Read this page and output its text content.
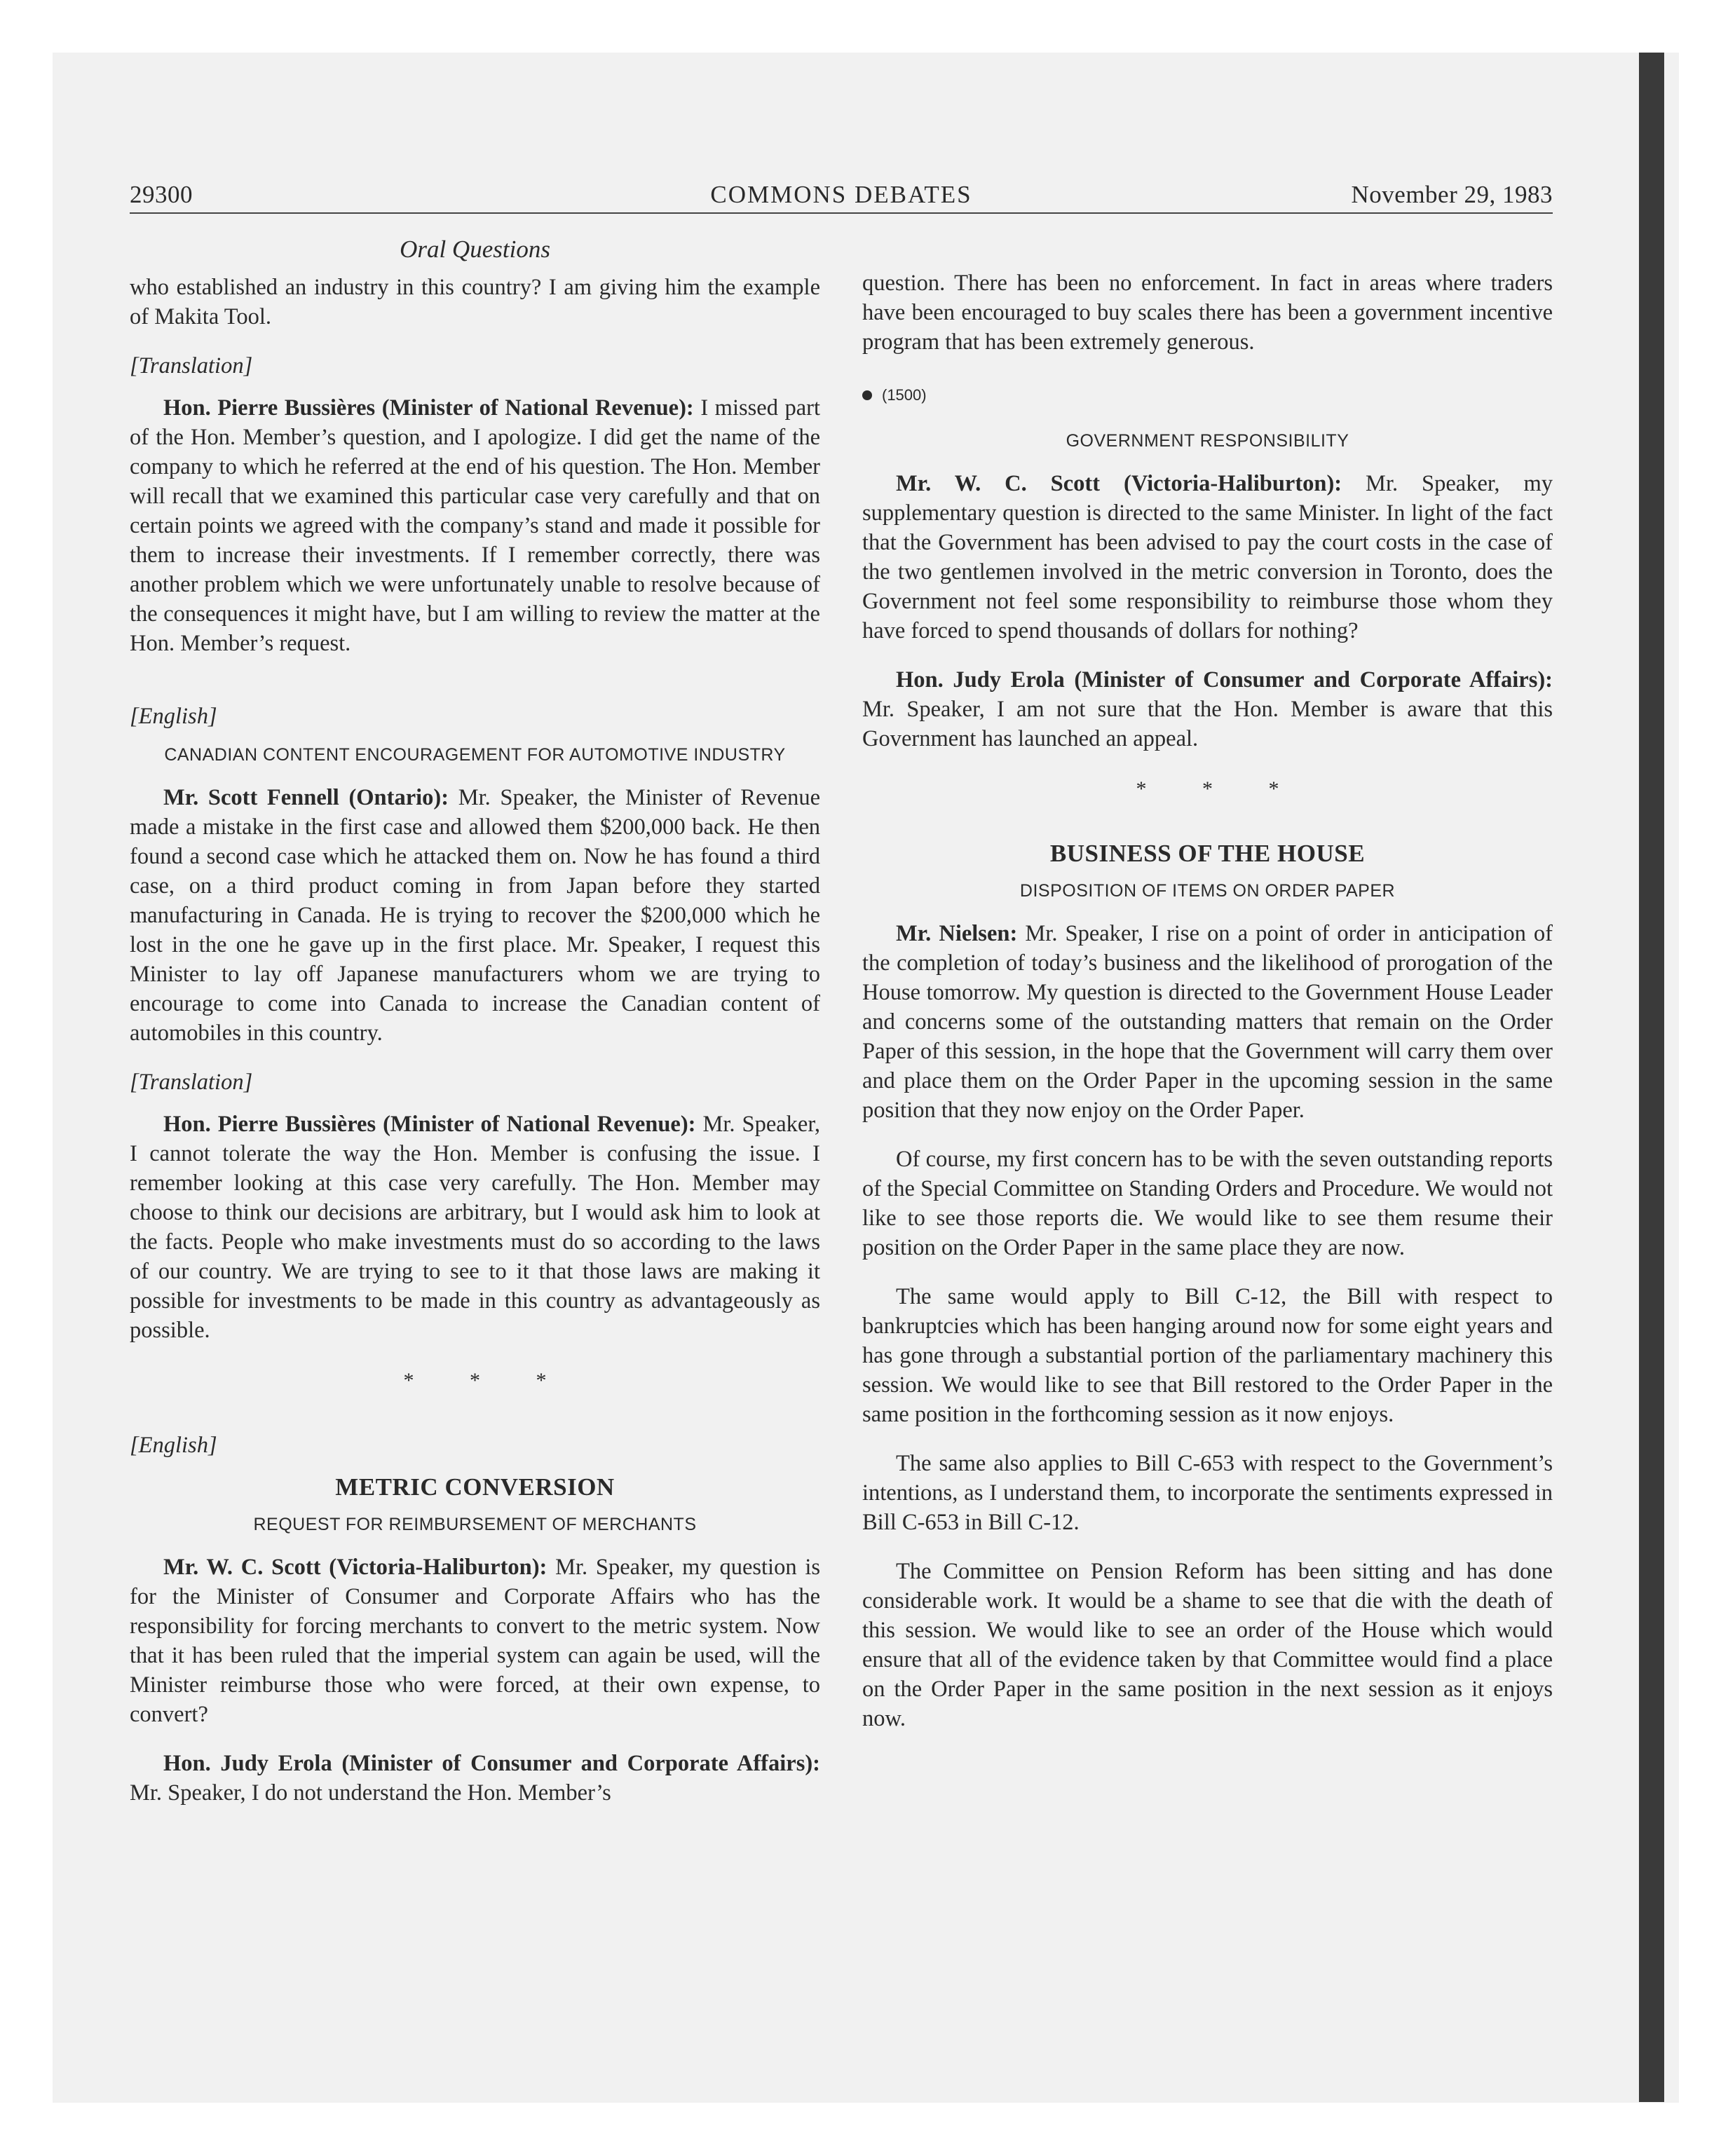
29300	COMMONS DEBATES	November 29, 1983
Oral Questions

who established an industry in this country? I am giving him the example of Makita Tool.

[Translation]

Hon. Pierre Bussières (Minister of National Revenue): I missed part of the Hon. Member’s question, and I apologize. I did get the name of the company to which he referred at the end of his question. The Hon. Member will recall that we examined this particular case very carefully and that on certain points we agreed with the company’s stand and made it possible for them to increase their investments. If I remember correctly, there was another problem which we were unfortunately unable to resolve because of the consequences it might have, but I am willing to review the matter at the Hon. Member’s request.

[English]
CANADIAN CONTENT ENCOURAGEMENT FOR AUTOMOTIVE INDUSTRY

Mr. Scott Fennell (Ontario): Mr. Speaker, the Minister of Revenue made a mistake in the first case and allowed them $200,000 back. He then found a second case which he attacked them on. Now he has found a third case, on a third product coming in from Japan before they started manufacturing in Canada. He is trying to recover the $200,000 which he lost in the one he gave up in the first place. Mr. Speaker, I request this Minister to lay off Japanese manufacturers whom we are trying to encourage to come into Canada to increase the Canadian content of automobiles in this country.

[Translation]

Hon. Pierre Bussières (Minister of National Revenue): Mr. Speaker, I cannot tolerate the way the Hon. Member is confusing the issue. I remember looking at this case very carefully. The Hon. Member may choose to think our decisions are arbitrary, but I would ask him to look at the facts. People who make investments must do so according to the laws of our country. We are trying to see to it that those laws are making it possible for investments to be made in this country as advantageously as possible.

* * *
[English]
METRIC CONVERSION
REQUEST FOR REIMBURSEMENT OF MERCHANTS

Mr. W. C. Scott (Victoria-Haliburton): Mr. Speaker, my question is for the Minister of Consumer and Corporate Affairs who has the responsibility for forcing merchants to convert to the metric system. Now that it has been ruled that the imperial system can again be used, will the Minister reimburse those who were forced, at their own expense, to convert?

Hon. Judy Erola (Minister of Consumer and Corporate Affairs): Mr. Speaker, I do not understand the Hon. Member’s

question. There has been no enforcement. In fact in areas where traders have been encouraged to buy scales there has been a government incentive program that has been extremely generous.

(1500)
GOVERNMENT RESPONSIBILITY

Mr. W. C. Scott (Victoria-Haliburton): Mr. Speaker, my supplementary question is directed to the same Minister. In light of the fact that the Government has been advised to pay the court costs in the case of the two gentlemen involved in the metric conversion in Toronto, does the Government not feel some responsibility to reimburse those whom they have forced to spend thousands of dollars for nothing?

Hon. Judy Erola (Minister of Consumer and Corporate Affairs): Mr. Speaker, I am not sure that the Hon. Member is aware that this Government has launched an appeal.

* * *
BUSINESS OF THE HOUSE
DISPOSITION OF ITEMS ON ORDER PAPER

Mr. Nielsen: Mr. Speaker, I rise on a point of order in anticipation of the completion of today’s business and the likelihood of prorogation of the House tomorrow. My question is directed to the Government House Leader and concerns some of the outstanding matters that remain on the Order Paper of this session, in the hope that the Government will carry them over and place them on the Order Paper in the upcoming session in the same position that they now enjoy on the Order Paper.

Of course, my first concern has to be with the seven outstanding reports of the Special Committee on Standing Orders and Procedure. We would not like to see those reports die. We would like to see them resume their position on the Order Paper in the same place they are now.

The same would apply to Bill C-12, the Bill with respect to bankruptcies which has been hanging around now for some eight years and has gone through a substantial portion of the parliamentary machinery this session. We would like to see that Bill restored to the Order Paper in the same position in the forthcoming session as it now enjoys.

The same also applies to Bill C-653 with respect to the Government’s intentions, as I understand them, to incorporate the sentiments expressed in Bill C-653 in Bill C-12.

The Committee on Pension Reform has been sitting and has done considerable work. It would be a shame to see that die with the death of this session. We would like to see an order of the House which would ensure that all of the evidence taken by that Committee would find a place on the Order Paper in the same position in the next session as it enjoys now.
